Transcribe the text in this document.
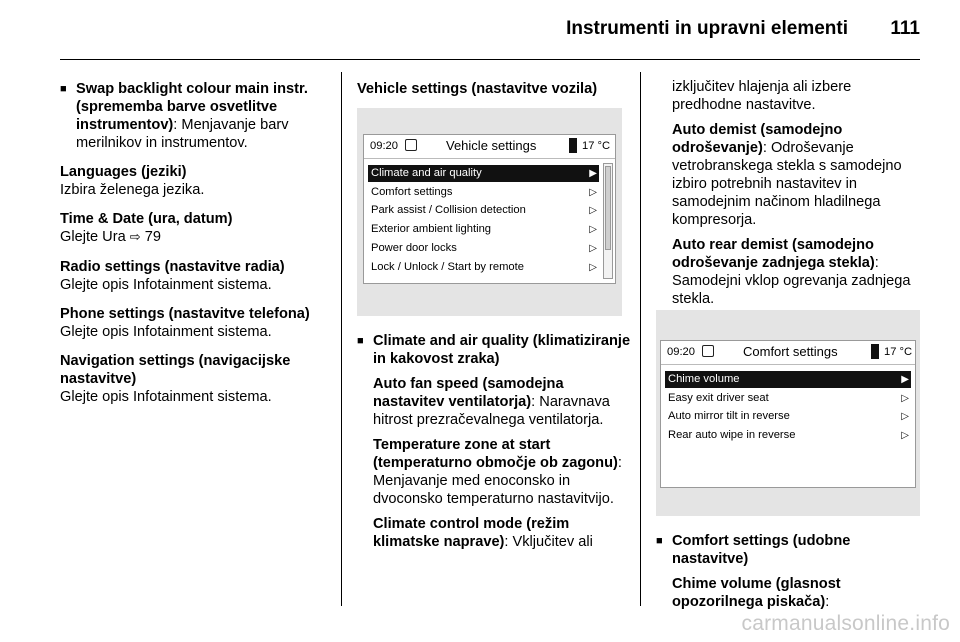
Instrumenti in upravni elementi 111

■ Swap backlight colour main instr. (sprememba barve osvetlitve instrumentov): Menjavanje barv merilnikov in instrumentov.

Languages (jeziki)
Izbira želenega jezika.

Time & Date (ura, datum)
Glejte Ura ⇨ 79

Radio settings (nastavitve radia)
Glejte opis Infotainment sistema.

Phone settings (nastavitve telefona)
Glejte opis Infotainment sistema.

Navigation settings (navigacijske nastavitve)
Glejte opis Infotainment sistema.

Vehicle settings (nastavitve vozila)

09:20	Vehicle settings	17 °C
Climate and air quality	▶
Comfort settings	▷
Park assist / Collision detection	▷
Exterior ambient lighting	▷
Power door locks	▷
Lock / Unlock / Start by remote	▷

■ Climate and air quality (klimatiziranje in kakovost zraka)

Auto fan speed (samodejna nastavitev ventilatorja): Naravnava hitrost prezračevalnega ventilatorja.

Temperature zone at start (temperaturno območje ob zagonu): Menjavanje med enoconsko in dvoconsko temperaturno nastavitvijo.

Climate control mode (režim klimatske naprave): Vključitev ali

izključitev hlajenja ali izbere predhodne nastavitve.

Auto demist (samodejno odroševanje): Odroševanje vetrobranskega stekla s samodejno izbiro potrebnih nastavitev in samodejnim načinom hladilnega kompresorja.

Auto rear demist (samodejno odroševanje zadnjega stekla): Samodejni vklop ogrevanja zadnjega stekla.

09:20	Comfort settings	17 °C
Chime volume	▶
Easy exit driver seat	▷
Auto mirror tilt in reverse	▷
Rear auto wipe in reverse	▷

■ Comfort settings (udobne nastavitve)

Chime volume (glasnost opozorilnega piskača):

carmanualsonline.info
